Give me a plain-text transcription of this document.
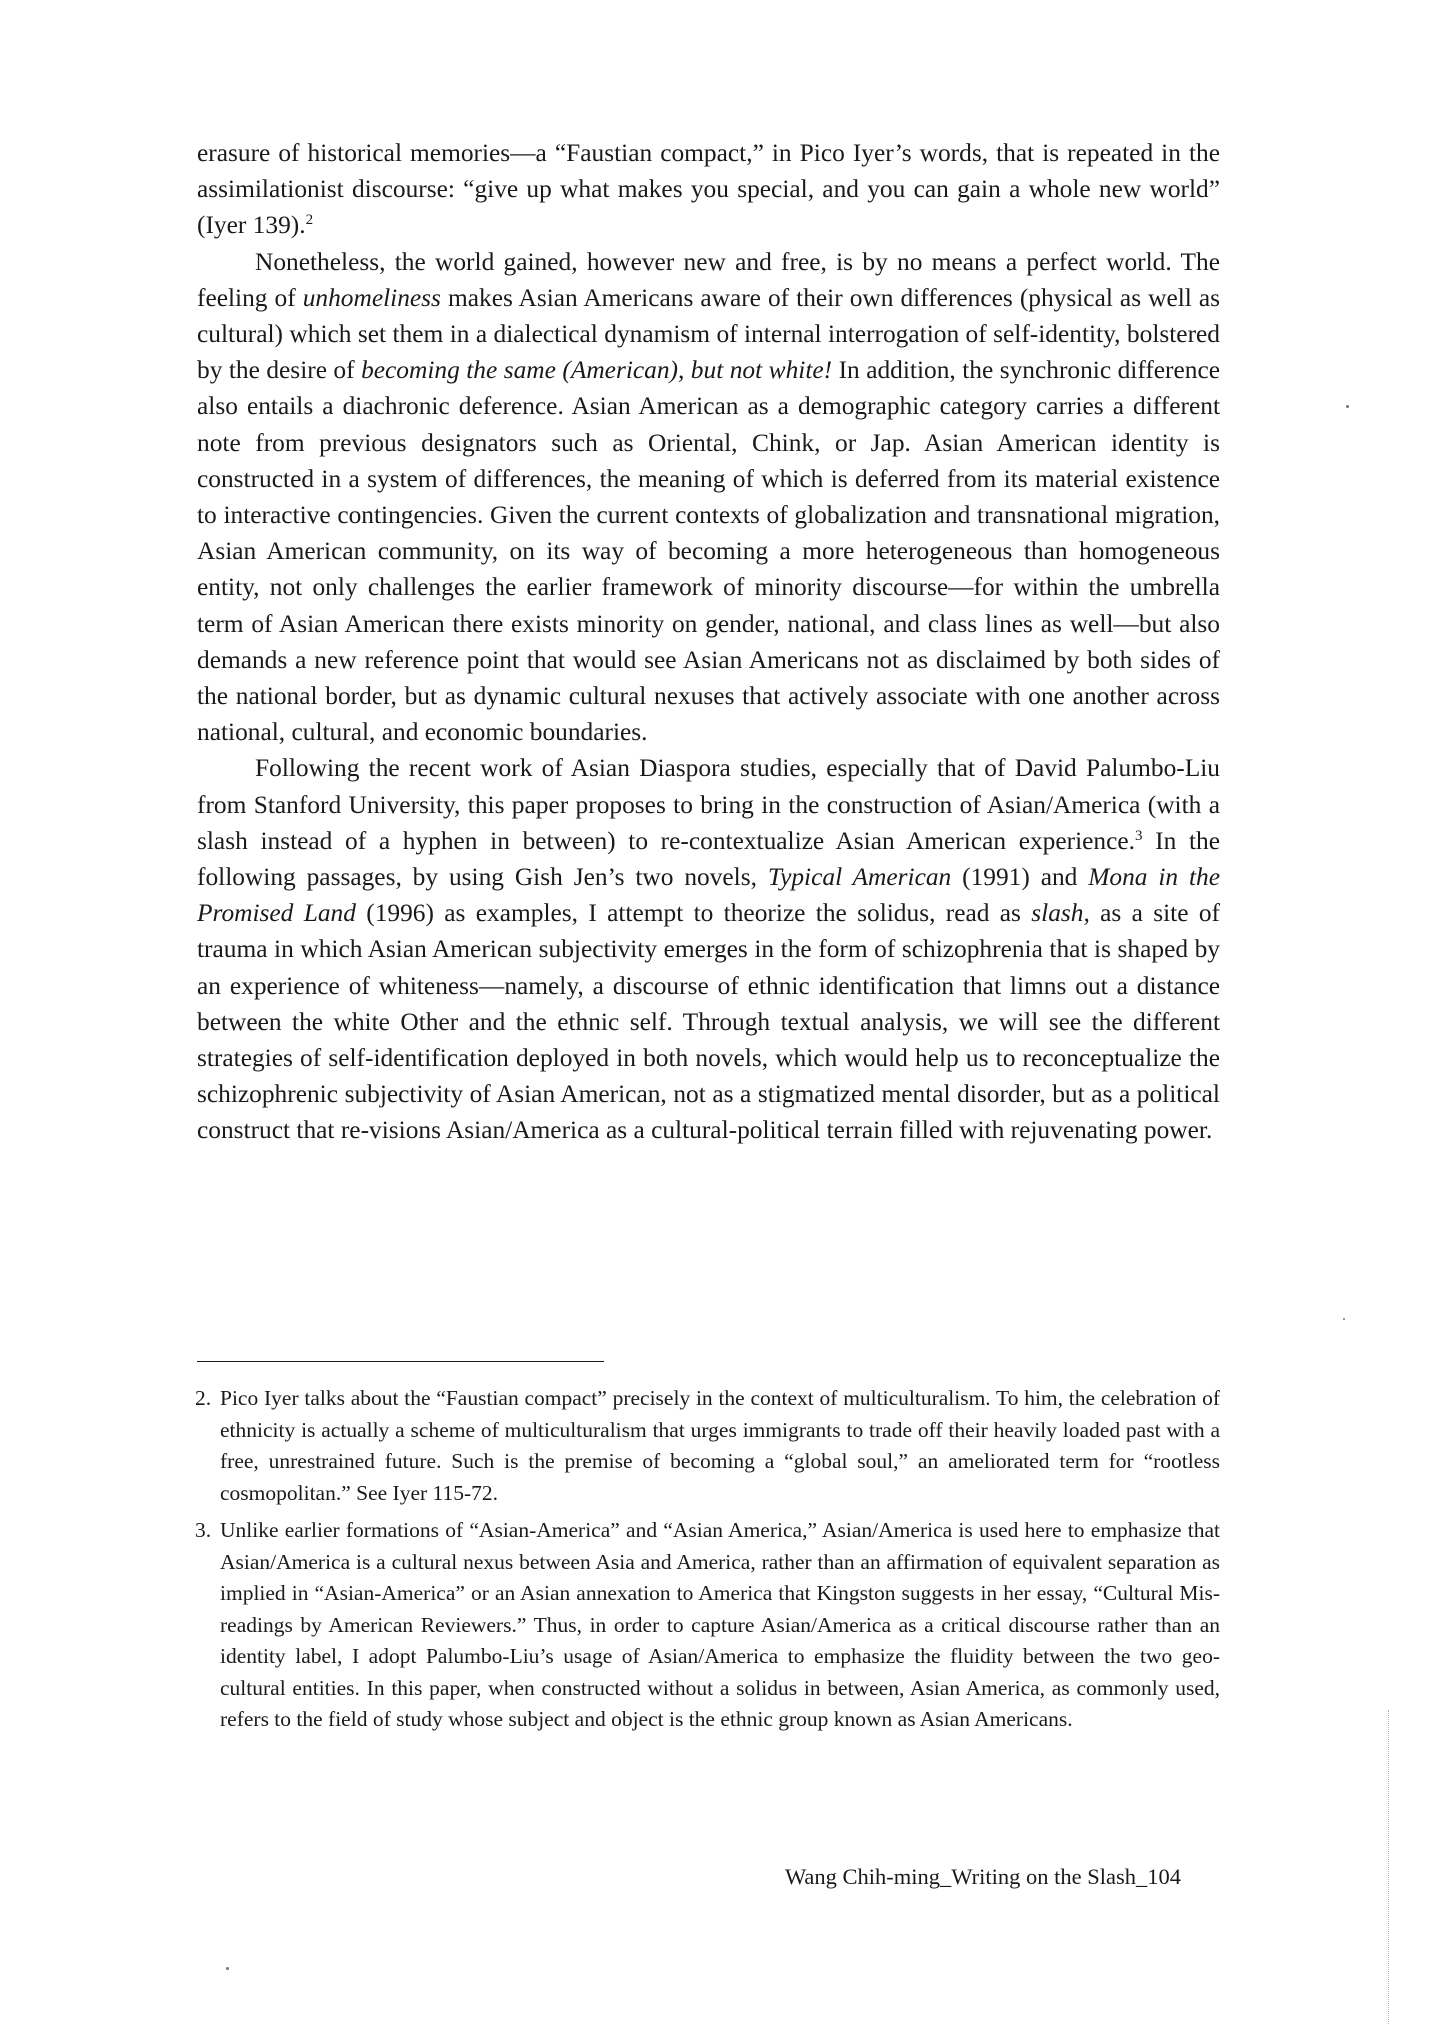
erasure of historical memories—a “Faustian compact,” in Pico Iyer’s words, that is repeated in the assimilationist discourse: “give up what makes you special, and you can gain a whole new world” (Iyer 139).$^2$

Nonetheless, the world gained, however new and free, is by no means a perfect world. The feeling of unhomeliness makes Asian Americans aware of their own differences (physical as well as cultural) which set them in a dialectical dynamism of internal interrogation of self-identity, bolstered by the desire of becoming the same (American), but not white! In addition, the synchronic difference also entails a diachronic deference. Asian American as a demographic category carries a different note from previous designators such as Oriental, Chink, or Jap. Asian American identity is constructed in a system of differences, the meaning of which is deferred from its material existence to interactive contingencies. Given the current contexts of globalization and transnational migration, Asian American community, on its way of becoming a more heterogeneous than homogeneous entity, not only challenges the earlier framework of minority discourse—for within the umbrella term of Asian American there exists minority on gender, national, and class lines as well—but also demands a new reference point that would see Asian Americans not as disclaimed by both sides of the national border, but as dynamic cultural nexuses that actively associate with one another across national, cultural, and economic boundaries.

Following the recent work of Asian Diaspora studies, especially that of David Palumbo-Liu from Stanford University, this paper proposes to bring in the construction of Asian/America (with a slash instead of a hyphen in between) to re-contextualize Asian American experience.$^3$ In the following passages, by using Gish Jen’s two novels, Typical American (1991) and Mona in the Promised Land (1996) as examples, I attempt to theorize the solidus, read as slash, as a site of trauma in which Asian American subjectivity emerges in the form of schizophrenia that is shaped by an experience of whiteness—namely, a discourse of ethnic identification that limns out a distance between the white Other and the ethnic self. Through textual analysis, we will see the different strategies of self-identification deployed in both novels, which would help us to reconceptualize the schizophrenic subjectivity of Asian American, not as a stigmatized mental disorder, but as a political construct that re-visions Asian/America as a cultural-political terrain filled with rejuvenating power.

2. Pico Iyer talks about the “Faustian compact” precisely in the context of multiculturalism. To him, the celebration of ethnicity is actually a scheme of multiculturalism that urges immigrants to trade off their heavily loaded past with a free, unrestrained future. Such is the premise of becoming a “global soul,” an ameliorated term for “rootless cosmopolitan.” See Iyer 115-72.
3. Unlike earlier formations of “Asian-America” and “Asian America,” Asian/America is used here to emphasize that Asian/America is a cultural nexus between Asia and America, rather than an affirmation of equivalent separation as implied in “Asian-America” or an Asian annexation to America that Kingston suggests in her essay, “Cultural Mis-readings by American Reviewers.” Thus, in order to capture Asian/America as a critical discourse rather than an identity label, I adopt Palumbo-Liu’s usage of Asian/America to emphasize the fluidity between the two geo-cultural entities. In this paper, when constructed without a solidus in between, Asian America, as commonly used, refers to the field of study whose subject and object is the ethnic group known as Asian Americans.
Wang Chih-ming_Writing on the Slash_104
